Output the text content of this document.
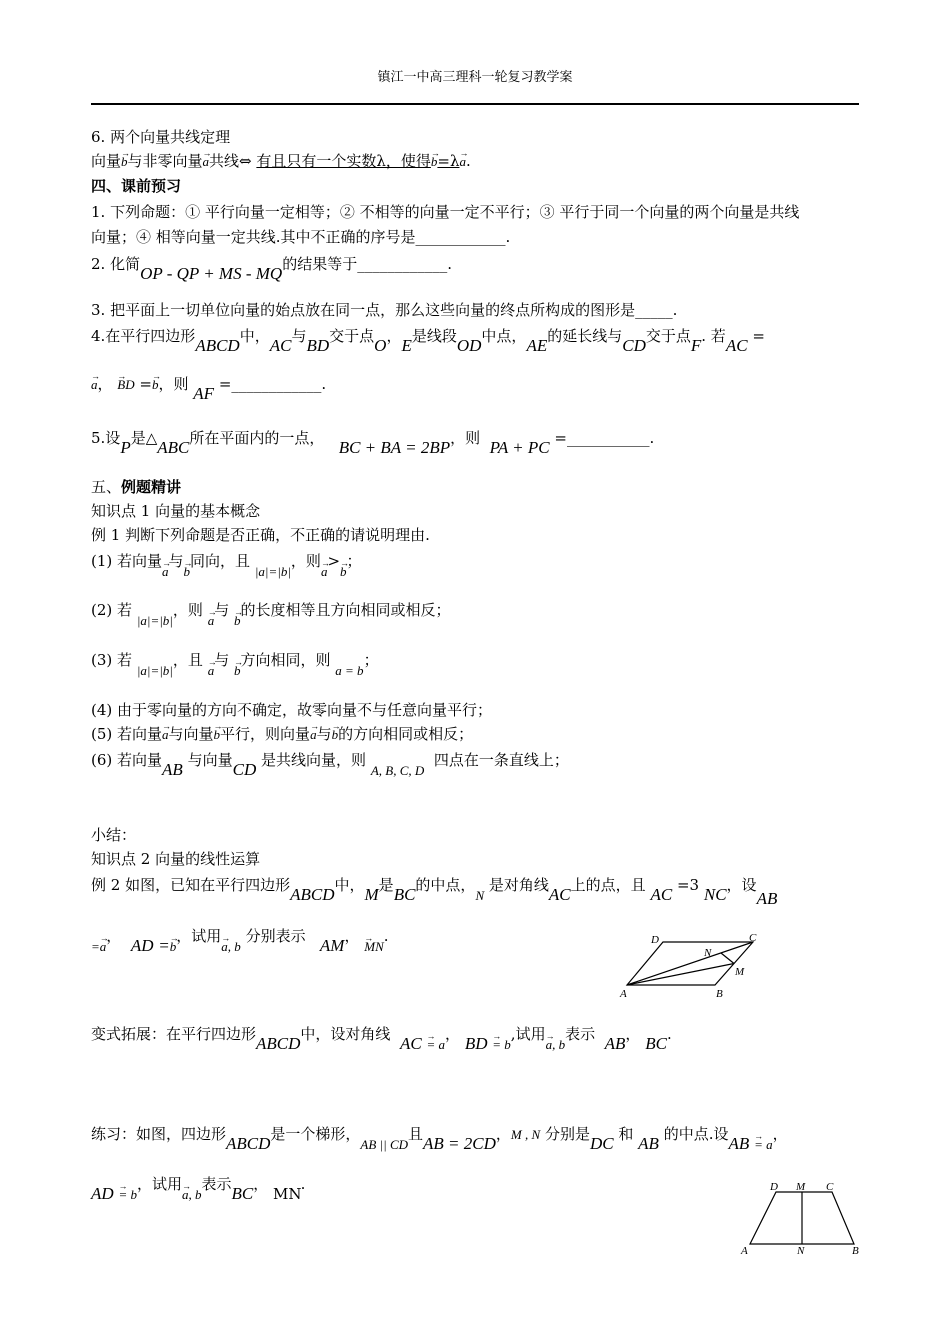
镇江一中高三理科一轮复习教学案
6. 两个向量共线定理
向量→ b与非零向量→ a共线⇔ 有且只有一个实数λ，使得→ b=λ→ a.
四、课前预习
1. 下列命题：① 平行向量一定相等；② 不相等的向量一定不平行；③ 平行于同一个向量的两个向量是共线
向量；④ 相等向量一定共线.其中不正确的序号是____________.
2. 化简OP - QP + MS - MQ的结果等于____________.
3. 把平面上一切单位向量的始点放在同一点，那么这些向量的终点所构成的图形是_____.
4.在平行四边形ABCD中，AC与BD交于点O，E是线段OD中点，AE的延长线与CD交于点F. 若AC =
→ a， → BD =→ b，则 AF =____________.
5.设P是△ABC所在平面内的一点， BC + BA = 2BP，则 PA + PC =___________.
五、例题精讲
知识点 1 向量的基本概念
例 1 判断下列命题是否正确，不正确的请说明理由.
(1) 若向量→ a与→ b同向，且 |a|=|b|，则→ a>→ b；
(2) 若 |a|=|b|，则 → a与 → b的长度相等且方向相同或相反；
(3) 若 |a|=|b|，且 → a与 → b方向相同，则 a = b；
(4) 由于零向量的方向不确定，故零向量不与任意向量平行；
(5) 若向量→ a与向量→ b平行，则向量→ a与→ b的方向相同或相反；
(6) 若向量AB 与向量CD 是共线向量，则 A, B, C, D  四点在一条直线上；
小结：
知识点 2 向量的线性运算
例 2 如图，已知在平行四边形ABCD中，M是BC的中点，N 是对角线AC上的点，且 AC =3 NC，设AB
=→ a， AD =→ b，试用→ a, b 分别表示 AM， → MN.
A	B
C
D
M
N
变式拓展：在平行四边形ABCD中，设对角线 AC → = a， BD → = b,试用→ a, b表示 AB， BC.
练习：如图，四边形ABCD是一个梯形，AB || CD且AB = 2CD，M , N 分别是DC 和 AB 的中点.设AB → = a，
AD → = b，试用→ a, b表示BC， MN.
A	B
C
D M
N
